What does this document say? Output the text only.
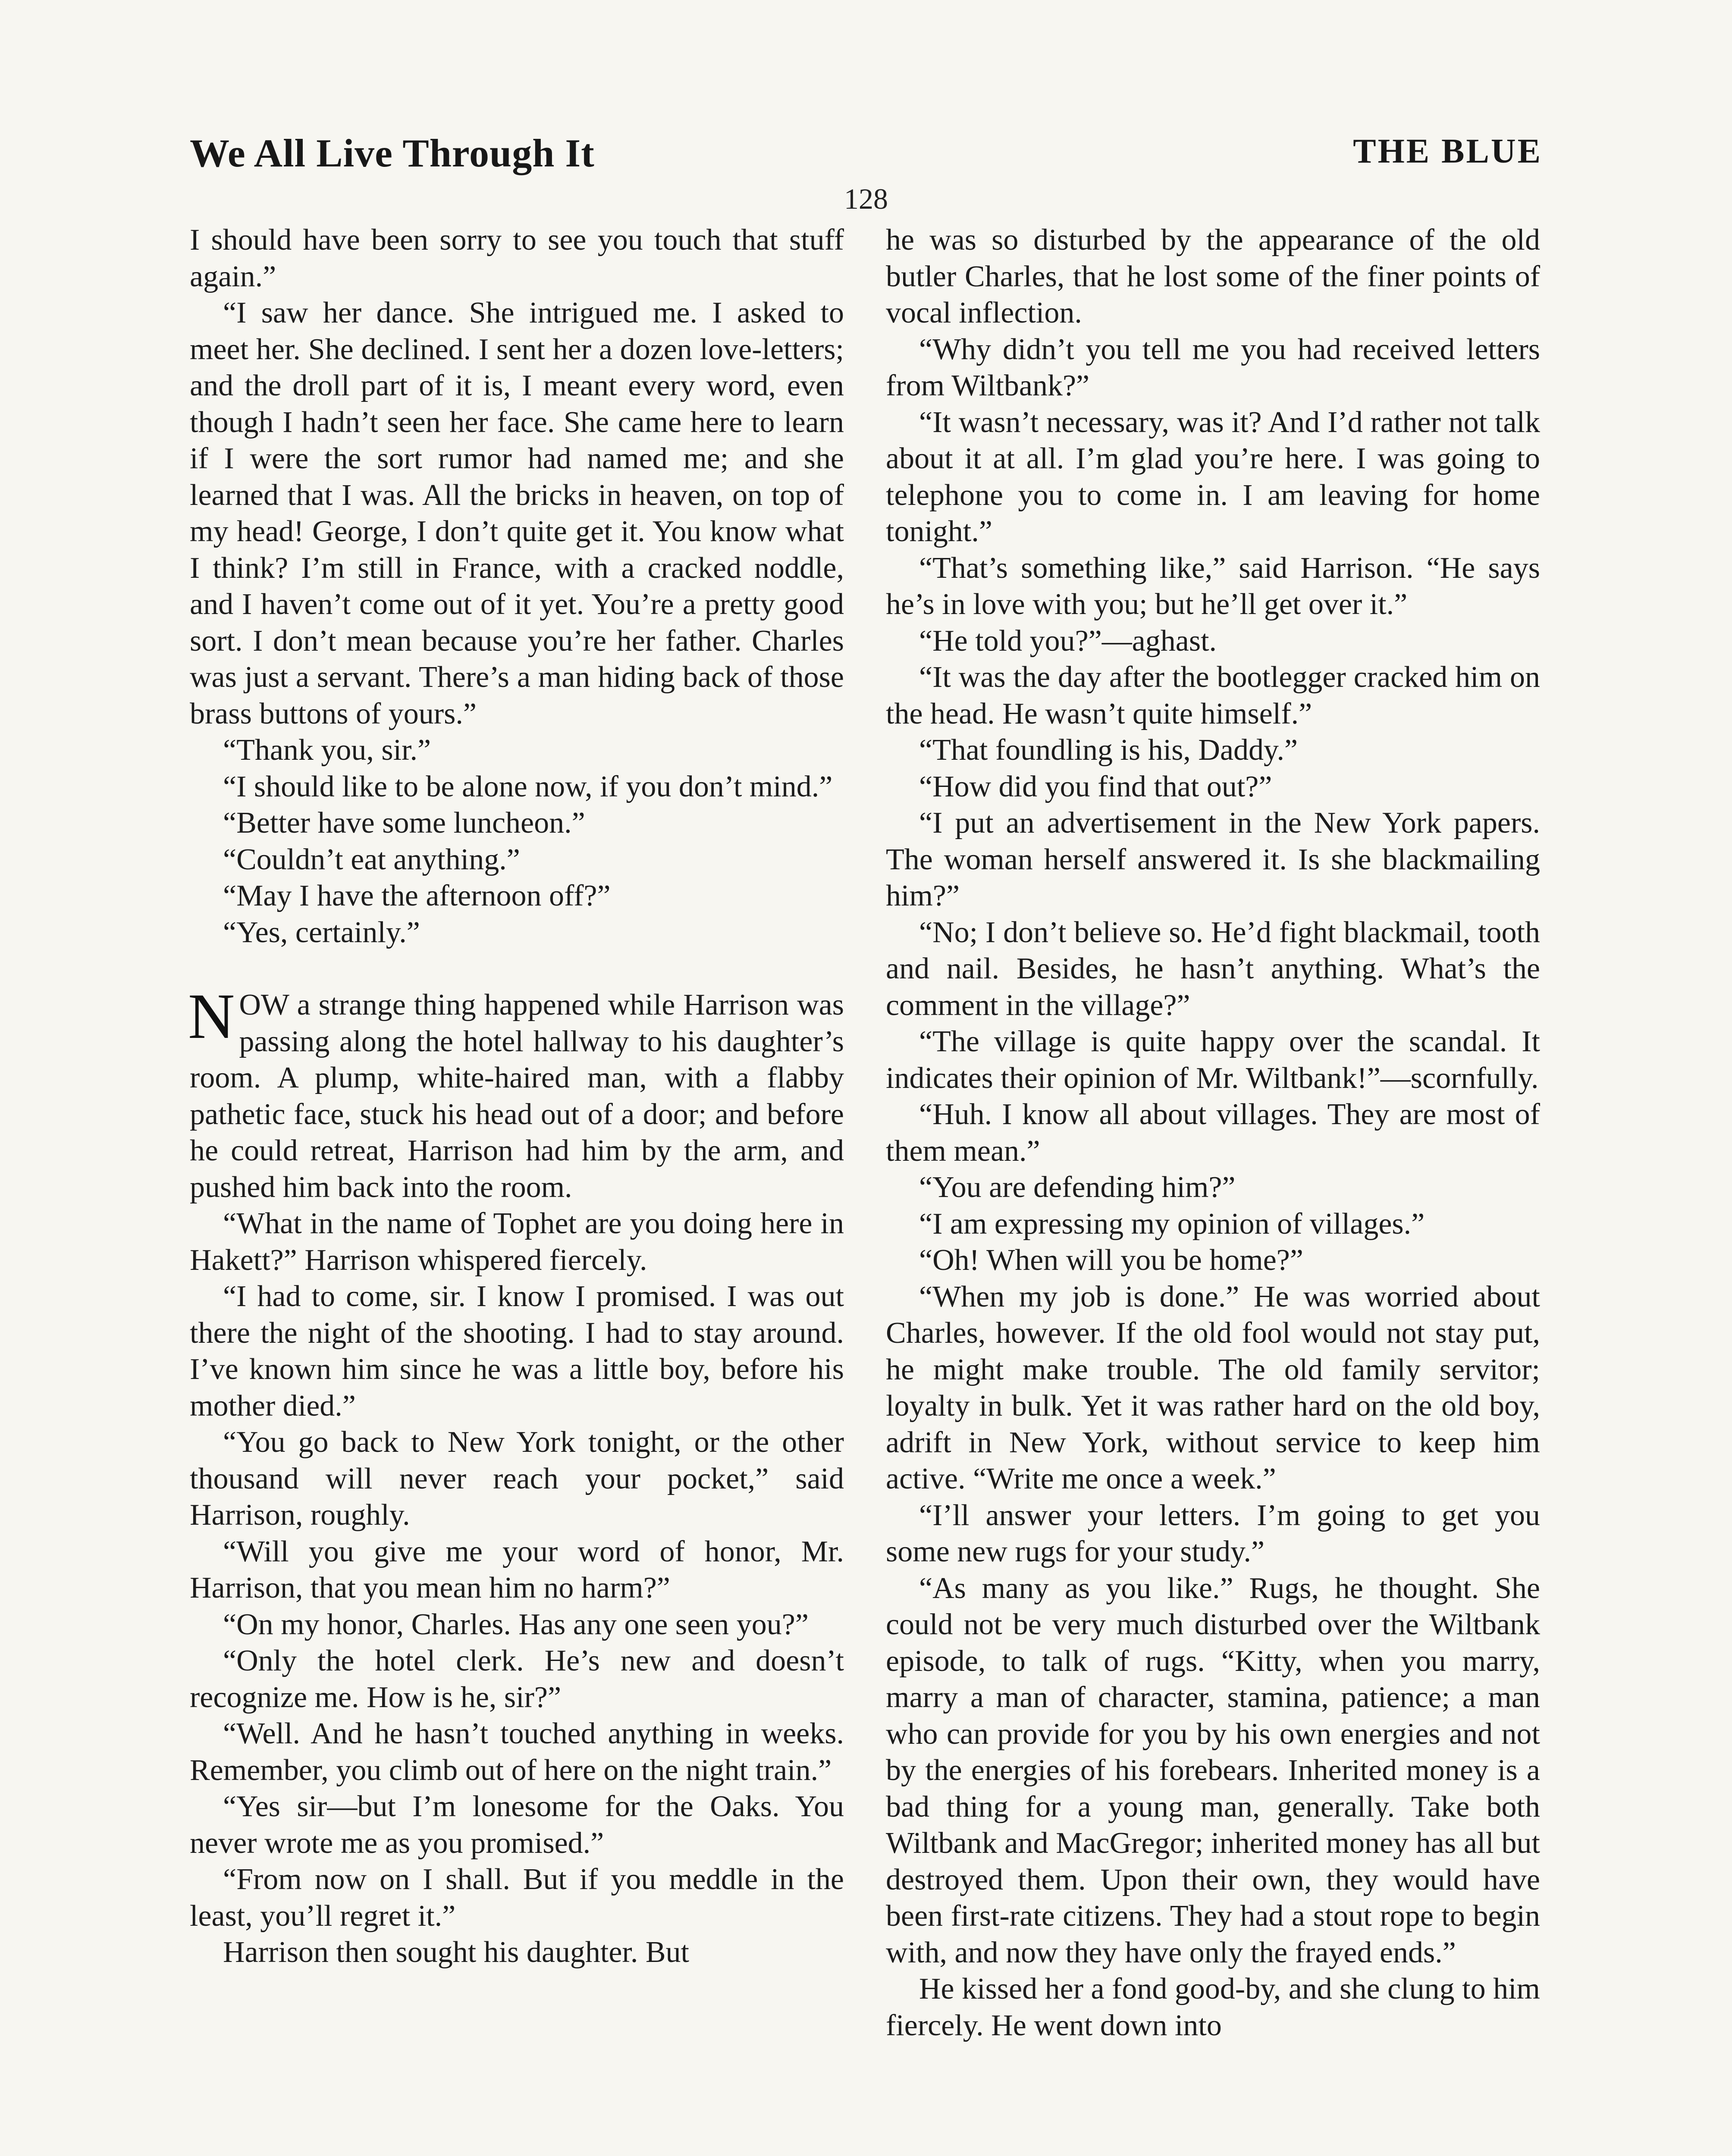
We All Live Through It	THE BLUE
128

I should have been sorry to see you touch that stuff again.”

“I saw her dance. She intrigued me. I asked to meet her. She declined. I sent her a dozen love-letters; and the droll part of it is, I meant every word, even though I hadn’t seen her face. She came here to learn if I were the sort rumor had named me; and she learned that I was. All the bricks in heaven, on top of my head! George, I don’t quite get it. You know what I think? I’m still in France, with a cracked noddle, and I haven’t come out of it yet. You’re a pretty good sort. I don’t mean because you’re her father. Charles was just a servant. There’s a man hiding back of those brass buttons of yours.”

“Thank you, sir.”

“I should like to be alone now, if you don’t mind.”

“Better have some luncheon.”

“Couldn’t eat anything.”

“May I have the afternoon off?”

“Yes, certainly.”

NOW a strange thing happened while Harrison was passing along the hotel hallway to his daughter’s room. A plump, white-haired man, with a flabby pathetic face, stuck his head out of a door; and before he could retreat, Harrison had him by the arm, and pushed him back into the room.

“What in the name of Tophet are you doing here in Hakett?” Harrison whispered fiercely.

“I had to come, sir. I know I promised. I was out there the night of the shooting. I had to stay around. I’ve known him since he was a little boy, before his mother died.”

“You go back to New York tonight, or the other thousand will never reach your pocket,” said Harrison, roughly.

“Will you give me your word of honor, Mr. Harrison, that you mean him no harm?”

“On my honor, Charles. Has any one seen you?”

“Only the hotel clerk. He’s new and doesn’t recognize me. How is he, sir?”

“Well. And he hasn’t touched anything in weeks. Remember, you climb out of here on the night train.”

“Yes sir—but I’m lonesome for the Oaks. You never wrote me as you promised.”

“From now on I shall. But if you meddle in the least, you’ll regret it.”

Harrison then sought his daughter. But

he was so disturbed by the appearance of the old butler Charles, that he lost some of the finer points of vocal inflection.

“Why didn’t you tell me you had received letters from Wiltbank?”

“It wasn’t necessary, was it? And I’d rather not talk about it at all. I’m glad you’re here. I was going to telephone you to come in. I am leaving for home tonight.”

“That’s something like,” said Harrison. “He says he’s in love with you; but he’ll get over it.”

“He told you?”—aghast.

“It was the day after the bootlegger cracked him on the head. He wasn’t quite himself.”

“That foundling is his, Daddy.”

“How did you find that out?”

“I put an advertisement in the New York papers. The woman herself answered it. Is she blackmailing him?”

“No; I don’t believe so. He’d fight blackmail, tooth and nail. Besides, he hasn’t anything. What’s the comment in the village?”

“The village is quite happy over the scandal. It indicates their opinion of Mr. Wiltbank!”—scornfully.

“Huh. I know all about villages. They are most of them mean.”

“You are defending him?”

“I am expressing my opinion of villages.”

“Oh! When will you be home?”

“When my job is done.” He was worried about Charles, however. If the old fool would not stay put, he might make trouble. The old family servitor; loyalty in bulk. Yet it was rather hard on the old boy, adrift in New York, without service to keep him active. “Write me once a week.”

“I’ll answer your letters. I’m going to get you some new rugs for your study.”

“As many as you like.” Rugs, he thought. She could not be very much disturbed over the Wiltbank episode, to talk of rugs. “Kitty, when you marry, marry a man of character, stamina, patience; a man who can provide for you by his own energies and not by the energies of his forebears. Inherited money is a bad thing for a young man, generally. Take both Wiltbank and MacGregor; inherited money has all but destroyed them. Upon their own, they would have been first-rate citizens. They had a stout rope to begin with, and now they have only the frayed ends.”

He kissed her a fond good-by, and she clung to him fiercely. He went down into
